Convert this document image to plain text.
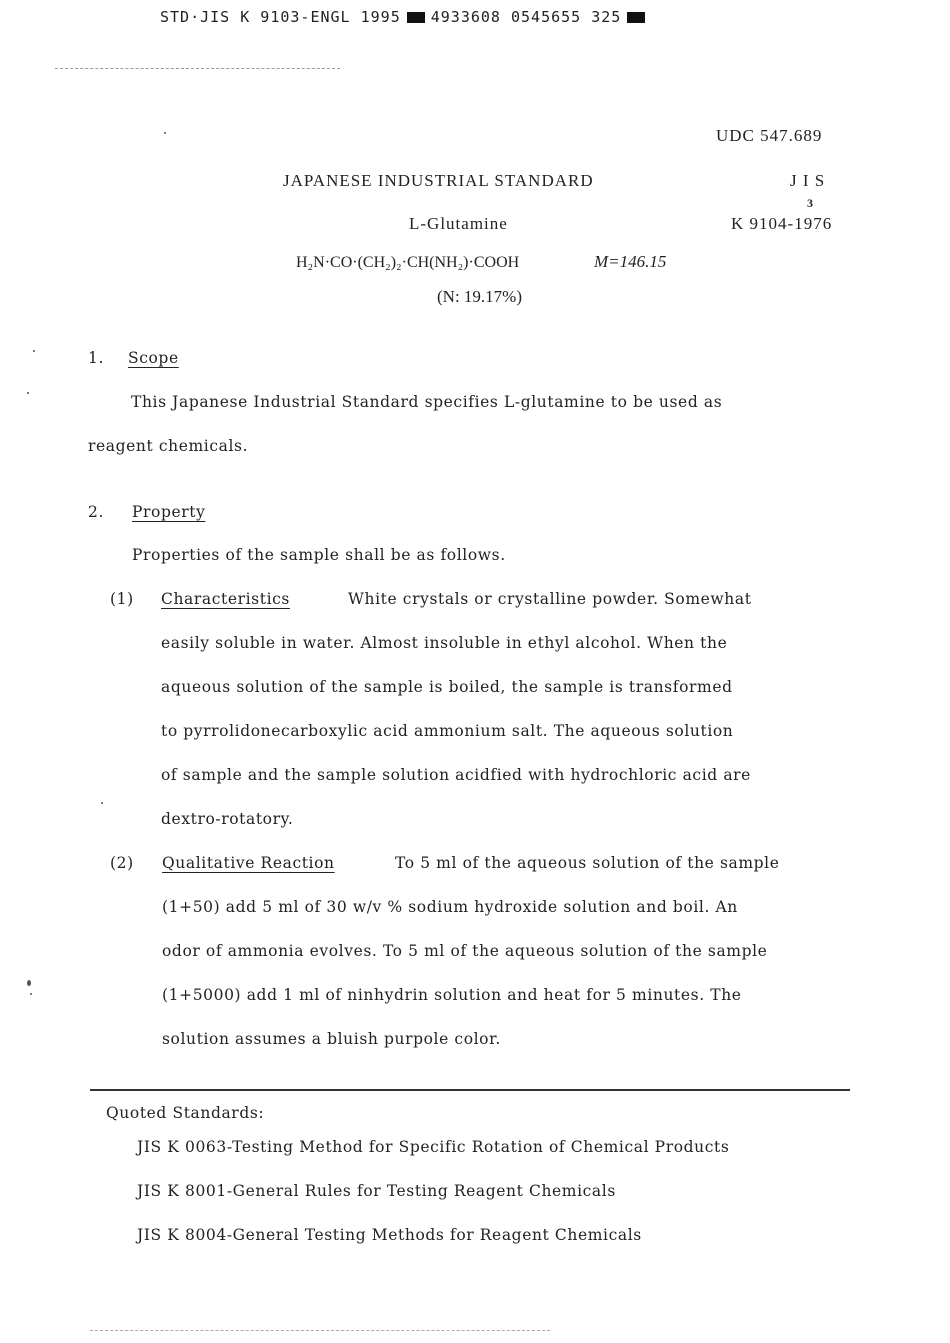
STD·JIS K 9103-ENGL 1995 4933608 0545655 325
UDC 547.689
JAPANESE INDUSTRIAL STANDARD	J I S
L-Glutamine	K 9104-1976
3
H₂N·CO·(CH₂)₂·CH(NH₂)·COOH	M=146.15
(N: 19.17%)
1. Scope
This Japanese Industrial Standard specifies L-glutamine to be used as
reagent chemicals.
2. Property
Properties of the sample shall be as follows.
(1) Characteristics	White crystals or crystalline powder. Somewhat
easily soluble in water. Almost insoluble in ethyl alcohol. When the
aqueous solution of the sample is boiled, the sample is transformed
to pyrrolidonecarboxylic acid ammonium salt. The aqueous solution
of sample and the sample solution acidfied with hydrochloric acid are
dextro-rotatory.
(2) Qualitative Reaction	To 5 ml of the aqueous solution of the sample
(1+50) add 5 ml of 30 w/v % sodium hydroxide solution and boil. An
odor of ammonia evolves. To 5 ml of the aqueous solution of the sample
(1+5000) add 1 ml of ninhydrin solution and heat for 5 minutes. The
solution assumes a bluish purpole color.
Quoted Standards:
JIS K 0063-Testing Method for Specific Rotation of Chemical Products
JIS K 8001-General Rules for Testing Reagent Chemicals
JIS K 8004-General Testing Methods for Reagent Chemicals
